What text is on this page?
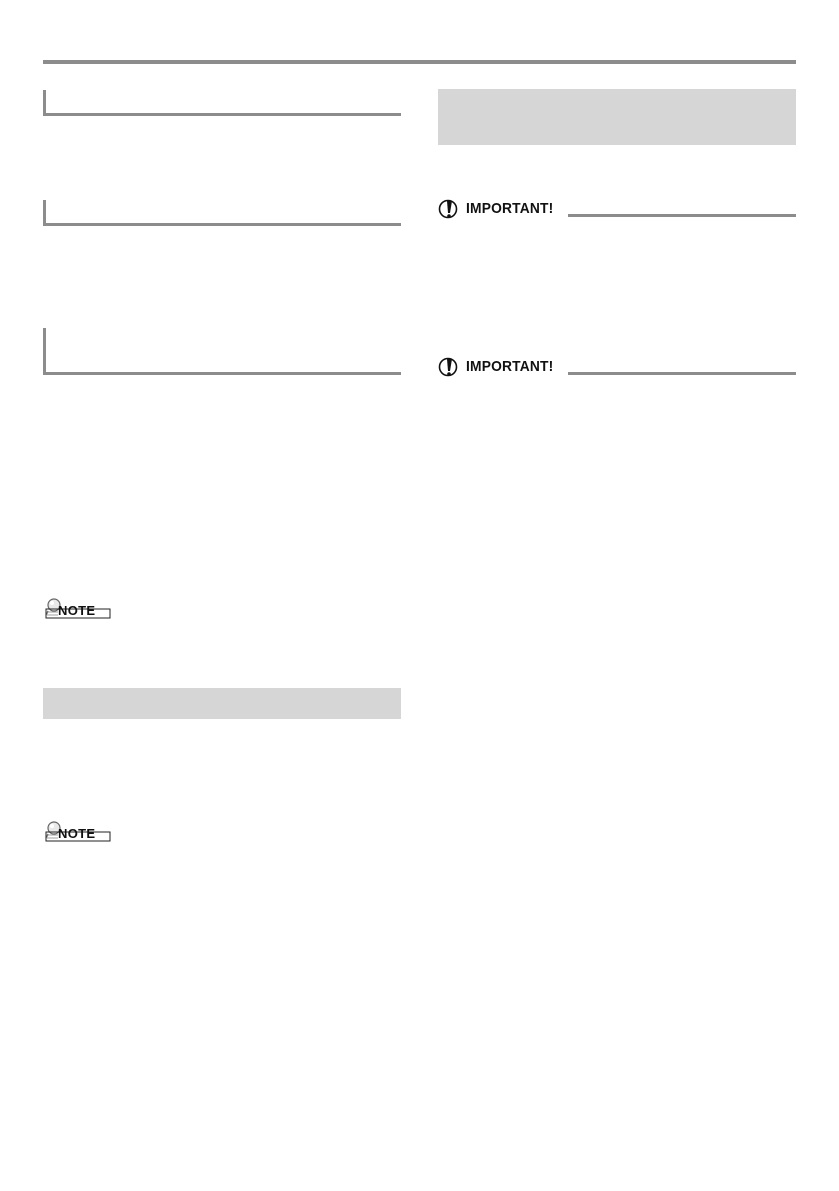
NOTE
NOTE
IMPORTANT!
IMPORTANT!
